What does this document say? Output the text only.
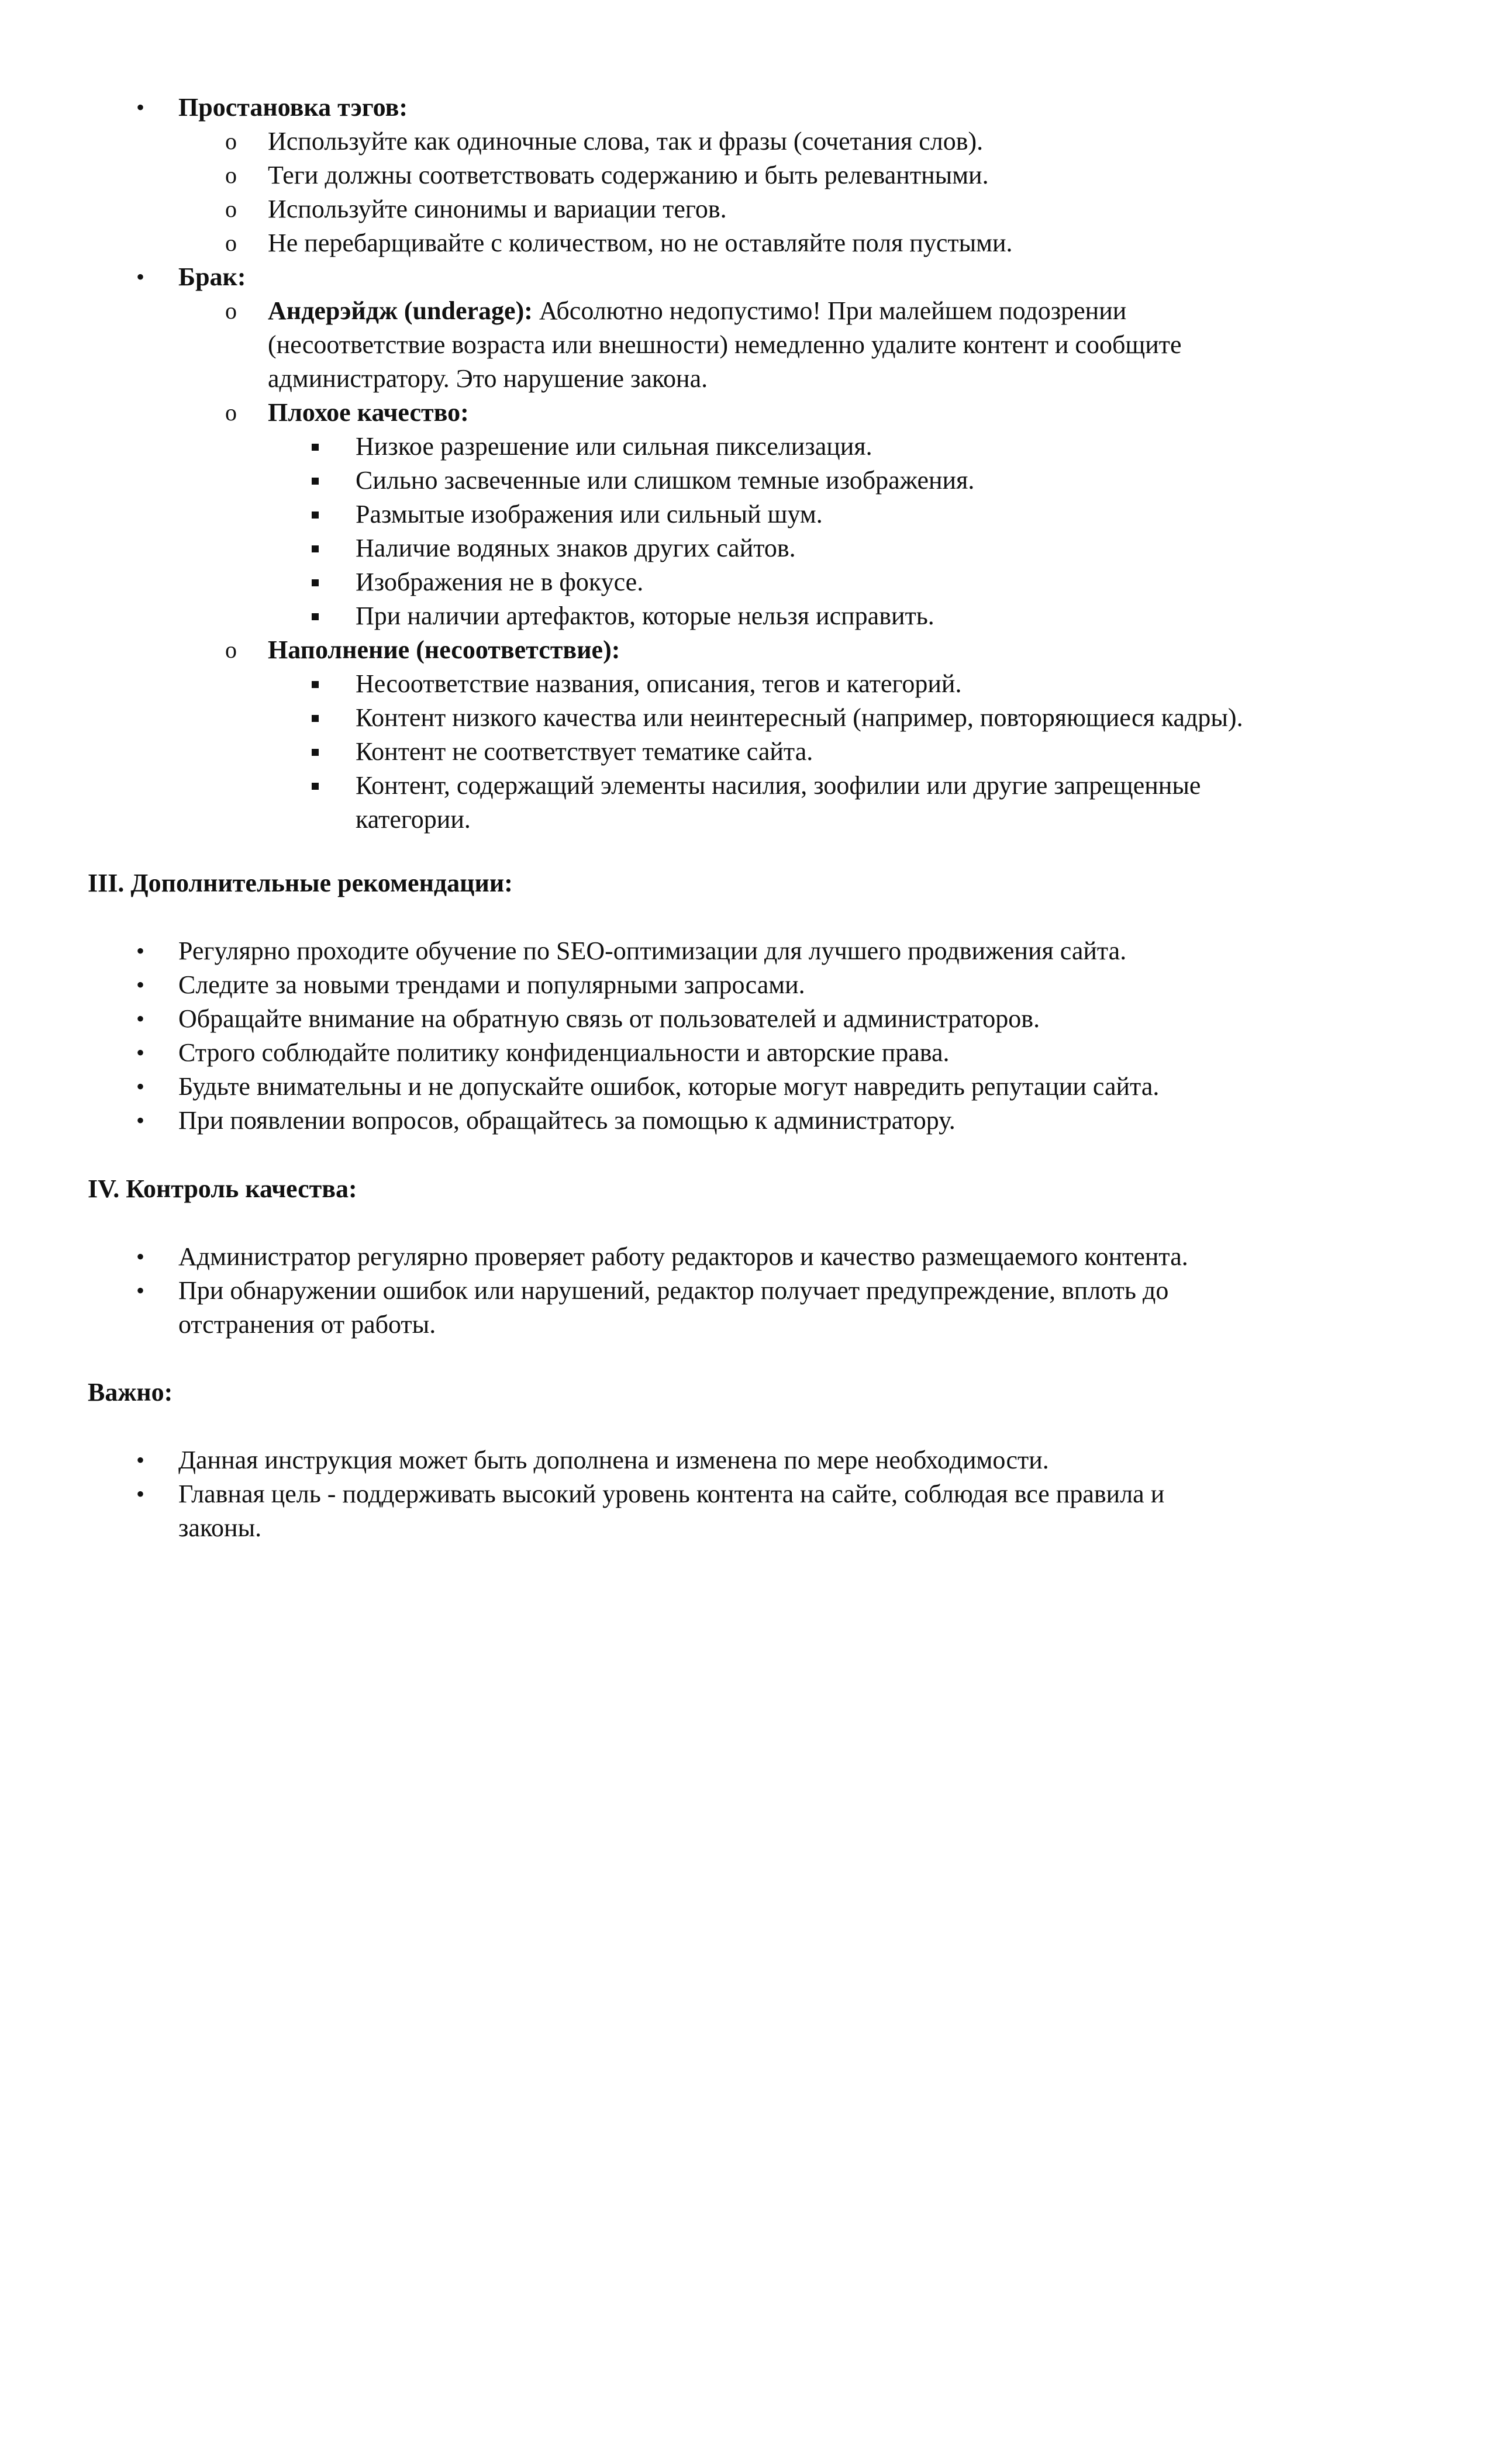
• Простановка тэгов:
o Используйте как одиночные слова, так и фразы (сочетания слов).
o Теги должны соответствовать содержанию и быть релевантными.
o Используйте синонимы и вариации тегов.
o Не перебарщивайте с количеством, но не оставляйте поля пустыми.
• Брак:
o Андерэйдж (underage): Абсолютно недопустимо! При малейшем подозрении
(несоответствие возраста или внешности) немедленно удалите контент и сообщите
администратору. Это нарушение закона.
o Плохое качество:
Низкое разрешение или сильная пикселизация.
Сильно засвеченные или слишком темные изображения.
Размытые изображения или сильный шум.
Наличие водяных знаков других сайтов.
Изображения не в фокусе.
При наличии артефактов, которые нельзя исправить.
o Наполнение (несоответствие):
Несоответствие названия, описания, тегов и категорий.
Контент низкого качества или неинтересный (например, повторяющиеся кадры).
Контент не соответствует тематике сайта.
Контент, содержащий элементы насилия, зоофилии или другие запрещенные
категории.
III. Дополнительные рекомендации:
• Регулярно проходите обучение по SEO-оптимизации для лучшего продвижения сайта.
• Следите за новыми трендами и популярными запросами.
• Обращайте внимание на обратную связь от пользователей и администраторов.
• Строго соблюдайте политику конфиденциальности и авторские права.
• Будьте внимательны и не допускайте ошибок, которые могут навредить репутации сайта.
• При появлении вопросов, обращайтесь за помощью к администратору.
IV. Контроль качества:
• Администратор регулярно проверяет работу редакторов и качество размещаемого контента.
• При обнаружении ошибок или нарушений, редактор получает предупреждение, вплоть до
отстранения от работы.
Важно:
• Данная инструкция может быть дополнена и изменена по мере необходимости.
• Главная цель - поддерживать высокий уровень контента на сайте, соблюдая все правила и
законы.
